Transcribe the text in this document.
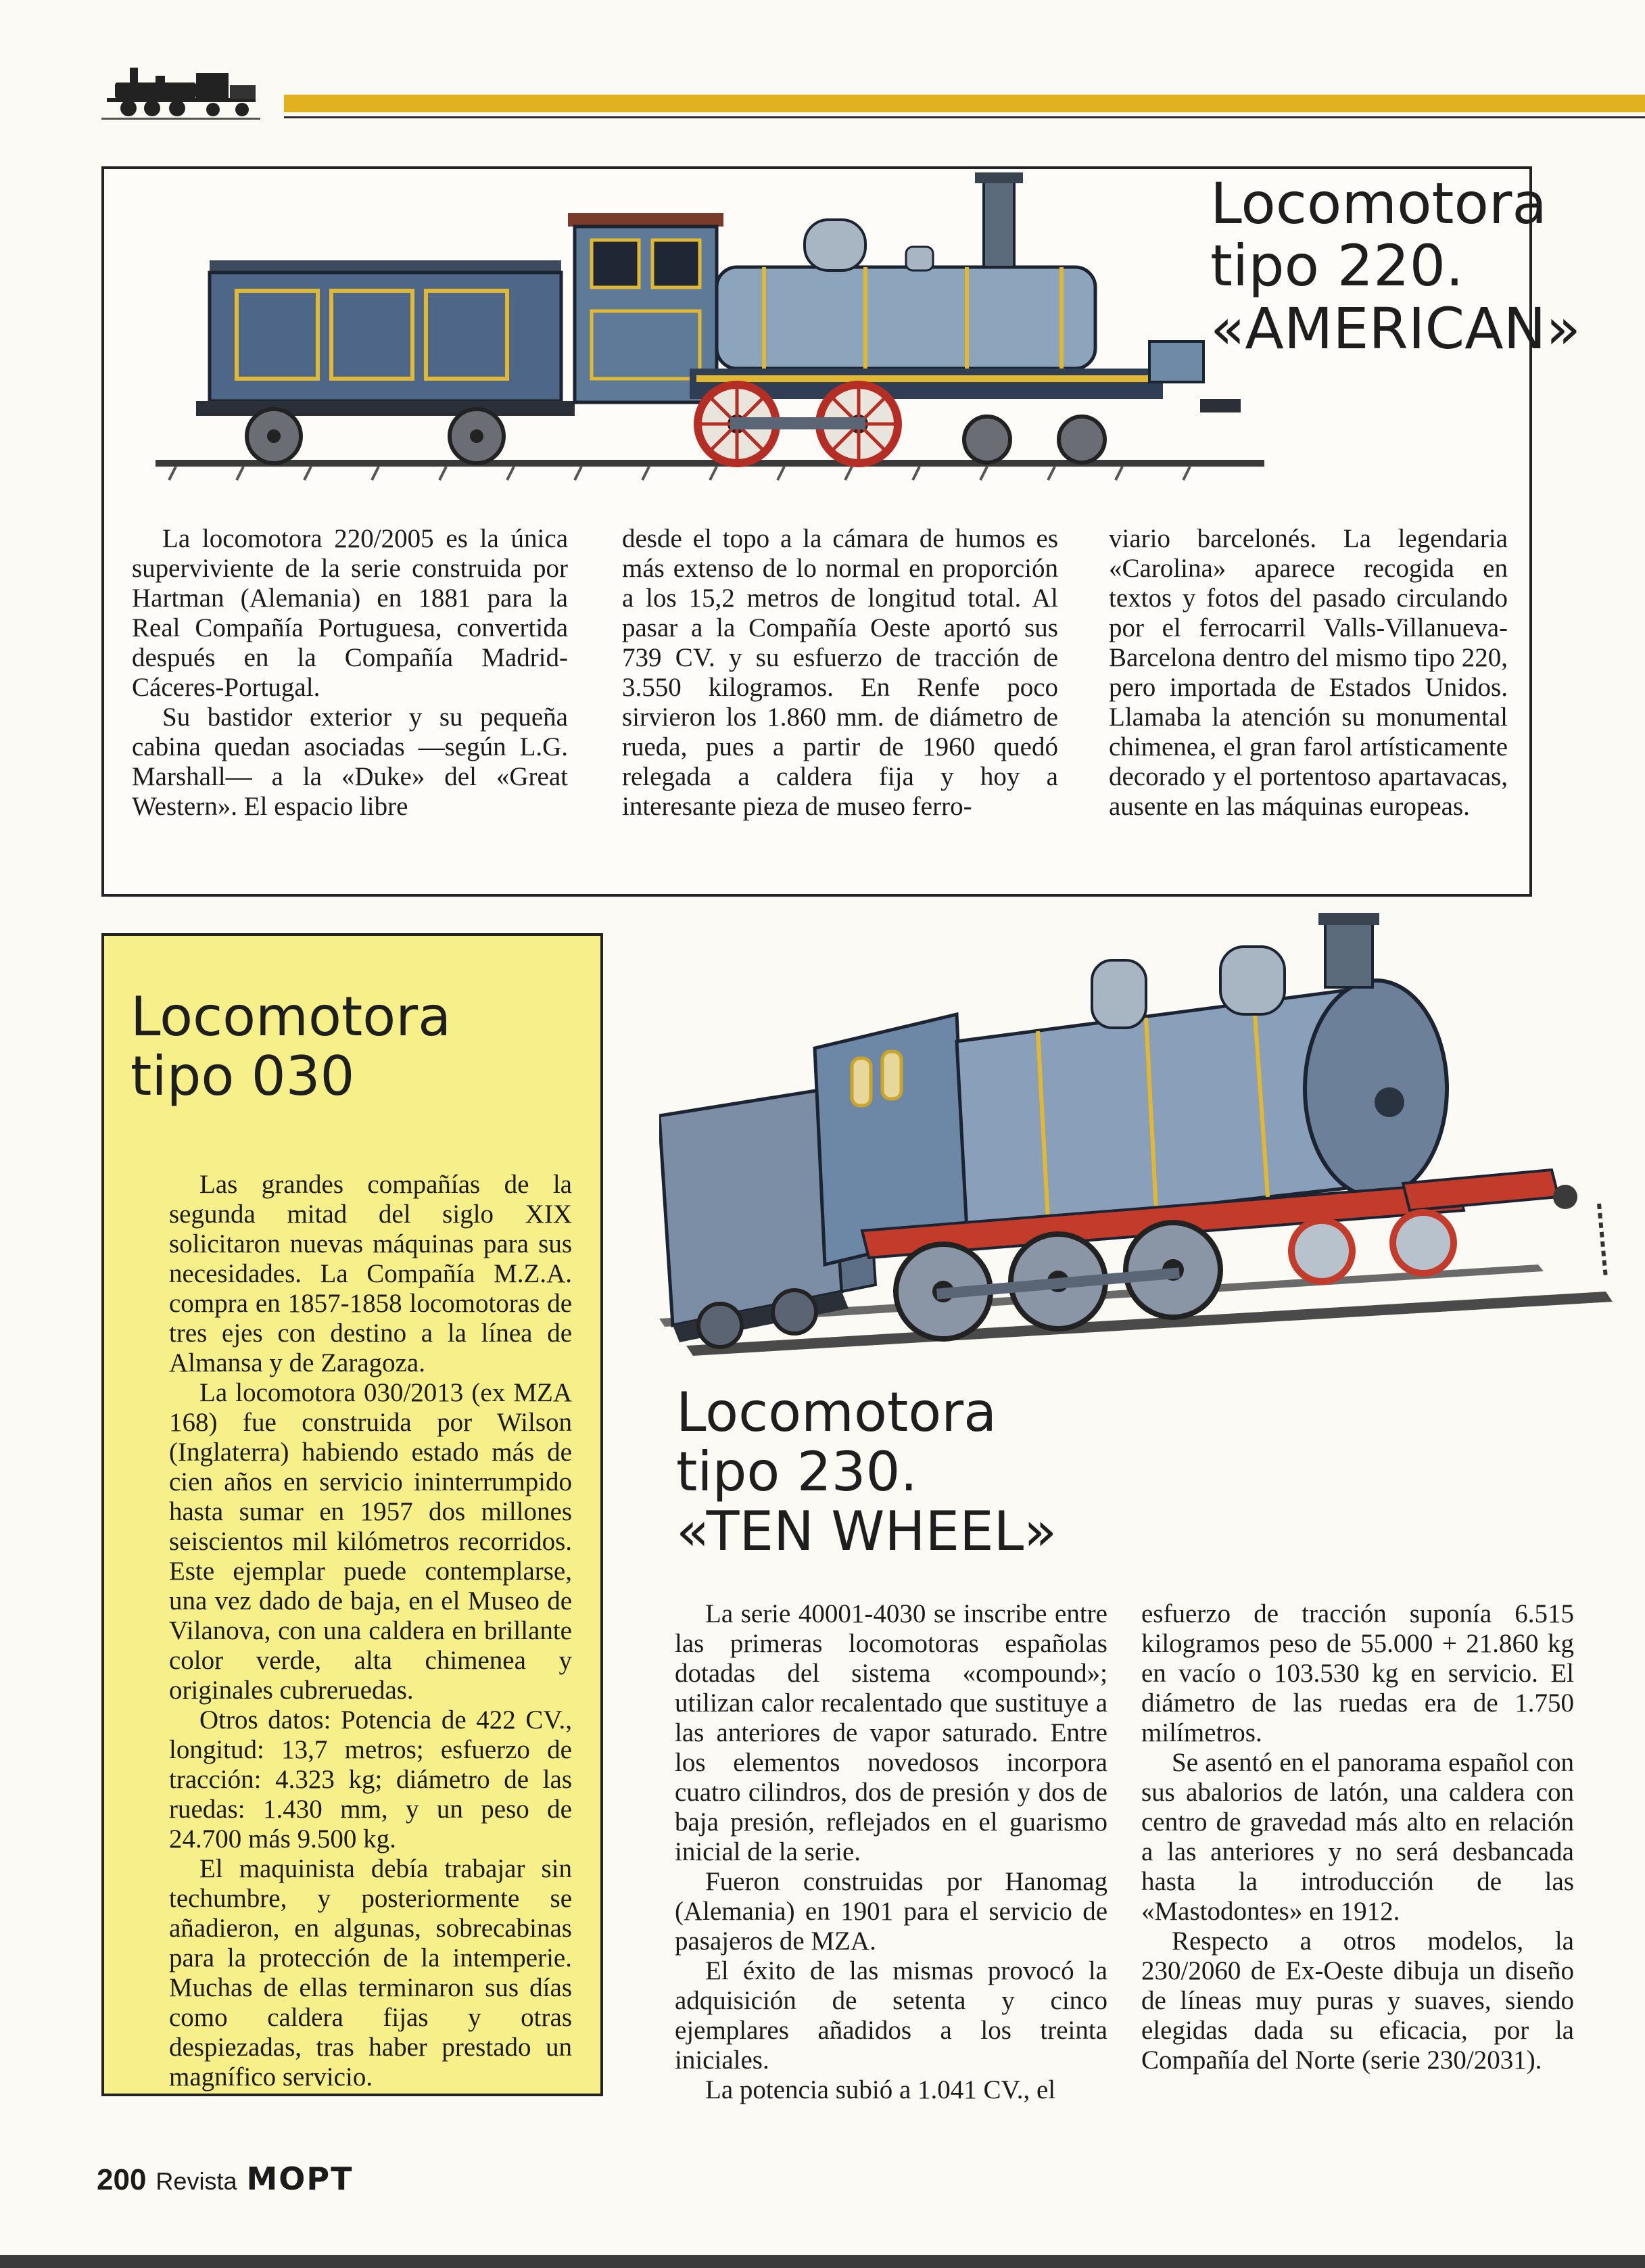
Locomotora
tipo 220.
«AMERICAN»

La locomotora 220/2005 es la única superviviente de la serie construida por Hartman (Alemania) en 1881 para la Real Compañía Portuguesa, convertida después en la Compañía Madrid-Cáceres-Portugal.

Su bastidor exterior y su pequeña cabina quedan asociadas —según L.G. Marshall— a la «Duke» del «Great Western». El espacio libre

desde el topo a la cámara de humos es más extenso de lo normal en proporción a los 15,2 metros de longitud total. Al pasar a la Compañía Oeste aportó sus 739 CV. y su esfuerzo de tracción de 3.550 kilogramos. En Renfe poco sirvieron los 1.860 mm. de diámetro de rueda, pues a partir de 1960 quedó relegada a caldera fija y hoy a interesante pieza de museo ferro-

viario barcelonés. La legendaria «Carolina» aparece recogida en textos y fotos del pasado circulando por el ferrocarril Valls-Villanueva-Barcelona dentro del mismo tipo 220, pero importada de Estados Unidos. Llamaba la atención su monumental chimenea, el gran farol artísticamente decorado y el portentoso apartavacas, ausente en las máquinas europeas.

Locomotora
tipo 030

Las grandes compañías de la segunda mitad del siglo XIX solicitaron nuevas máquinas para sus necesidades. La Compañía M.Z.A. compra en 1857-1858 locomotoras de tres ejes con destino a la línea de Almansa y de Zaragoza.

La locomotora 030/2013 (ex MZA 168) fue construida por Wilson (Inglaterra) habiendo estado más de cien años en servicio ininterrumpido hasta sumar en 1957 dos millones seiscientos mil kilómetros recorridos. Este ejemplar puede contemplarse, una vez dado de baja, en el Museo de Vilanova, con una caldera en brillante color verde, alta chimenea y originales cubreruedas.

Otros datos: Potencia de 422 CV., longitud: 13,7 metros; esfuerzo de tracción: 4.323 kg; diámetro de las ruedas: 1.430 mm, y un peso de 24.700 más 9.500 kg.

El maquinista debía trabajar sin techumbre, y posteriormente se añadieron, en algunas, sobrecabinas para la protección de la intemperie. Muchas de ellas terminaron sus días como caldera fijas y otras despiezadas, tras haber prestado un magnífico servicio.

Locomotora
tipo 230.
«TEN WHEEL»

La serie 40001-4030 se inscribe entre las primeras locomotoras españolas dotadas del sistema «compound»; utilizan calor recalentado que sustituye a las anteriores de vapor saturado. Entre los elementos novedosos incorpora cuatro cilindros, dos de presión y dos de baja presión, reflejados en el guarismo inicial de la serie.

Fueron construidas por Hanomag (Alemania) en 1901 para el servicio de pasajeros de MZA.

El éxito de las mismas provocó la adquisición de setenta y cinco ejemplares añadidos a los treinta iniciales.

La potencia subió a 1.041 CV., el

esfuerzo de tracción suponía 6.515 kilogramos peso de 55.000 + 21.860 kg en vacío o 103.530 kg en servicio. El diámetro de las ruedas era de 1.750 milímetros.

Se asentó en el panorama español con sus abalorios de latón, una caldera con centro de gravedad más alto en relación a las anteriores y no será desbancada hasta la introducción de las «Mastodontes» en 1912.

Respecto a otros modelos, la 230/2060 de Ex-Oeste dibuja un diseño de líneas muy puras y suaves, siendo elegidas dada su eficacia, por la Compañía del Norte (serie 230/2031).

200 Revista MOPT
